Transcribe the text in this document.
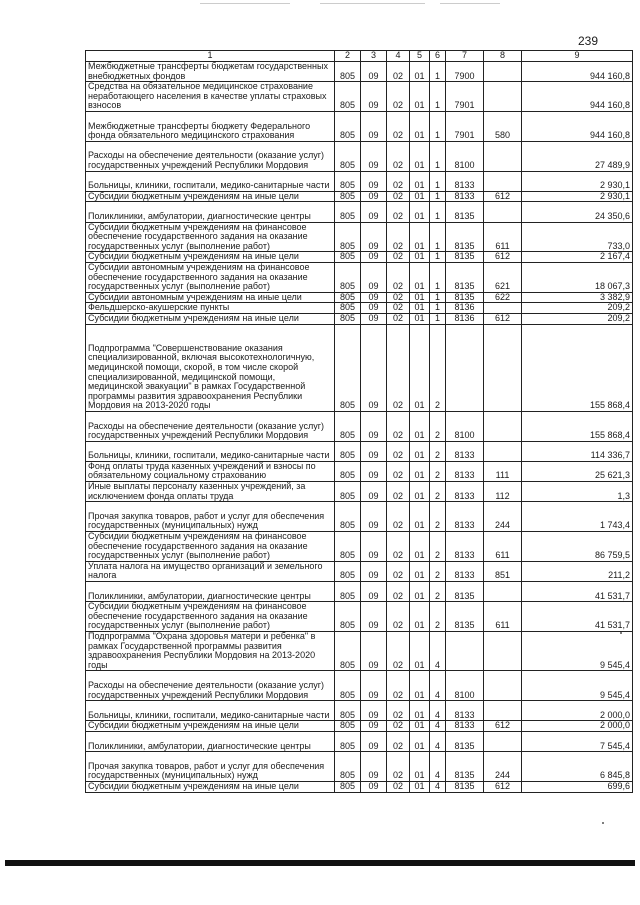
239
1	2	3	4	5	6	7	8	9
Межбюджетные трансферты бюджетам государственных внебюджетных фондов	805	09	02	01	1	7900		944 160,8
Средства на обязательное медицинское страхование неработающего населения в качестве уплаты страховых взносов	805	09	02	01	1	7901		944 160,8
Межбюджетные трансферты бюджету Федерального фонда обязательного медицинского страхования	805	09	02	01	1	7901	580	944 160,8
Расходы на обеспечение деятельности (оказание услуг) государственных учреждений Республики Мордовия	805	09	02	01	1	8100		27 489,9
Больницы, клиники, госпитали, медико-санитарные части	805	09	02	01	1	8133		2 930,1
Субсидии бюджетным учреждениям на иные цели	805	09	02	01	1	8133	612	2 930,1
Поликлиники, амбулатории, диагностические центры	805	09	02	01	1	8135		24 350,6
Субсидии бюджетным учреждениям на финансовое обеспечение государственного задания на оказание государственных услуг (выполнение работ)	805	09	02	01	1	8135	611	733,0
Субсидии бюджетным учреждениям на иные цели	805	09	02	01	1	8135	612	2 167,4
Субсидии автономным учреждениям на финансовое обеспечение государственного задания на оказание государственных услуг (выполнение работ)	805	09	02	01	1	8135	621	18 067,3
Субсидии автономным учреждениям на иные цели	805	09	02	01	1	8135	622	3 382,9
Фельдшерско-акушерские пункты	805	09	02	01	1	8136		209,2
Субсидии бюджетным учреждениям на иные цели	805	09	02	01	1	8136	612	209,2
Подпрограмма "Совершенствование оказания специализированной, включая высокотехнологичную, медицинской помощи, скорой, в том числе скорой специализированной, медицинской помощи, медицинской эвакуации" в рамках Государственной программы развития здравоохранения Республики Мордовия на 2013-2020 годы	805	09	02	01	2			155 868,4
Расходы на обеспечение деятельности (оказание услуг) государственных учреждений Республики Мордовия	805	09	02	01	2	8100		155 868,4
Больницы, клиники, госпитали, медико-санитарные части	805	09	02	01	2	8133		114 336,7
Фонд оплаты труда казенных учреждений и взносы по обязательному социальному страхованию	805	09	02	01	2	8133	111	25 621,3
Иные выплаты персоналу казенных учреждений, за исключением фонда оплаты труда	805	09	02	01	2	8133	112	1,3
Прочая закупка товаров, работ и услуг для обеспечения государственных (муниципальных) нужд	805	09	02	01	2	8133	244	1 743,4
Субсидии бюджетным учреждениям на финансовое обеспечение государственного задания на оказание государственных услуг (выполнение работ)	805	09	02	01	2	8133	611	86 759,5
Уплата налога на имущество организаций и земельного налога	805	09	02	01	2	8133	851	211,2
Поликлиники, амбулатории, диагностические центры	805	09	02	01	2	8135		41 531,7
Субсидии бюджетным учреждениям на финансовое обеспечение государственного задания на оказание государственных услуг (выполнение работ)	805	09	02	01	2	8135	611	41 531,7
Подпрограмма "Охрана здоровья матери и ребенка" в рамках Государственной программы развития здравоохранения Республики Мордовия на 2013-2020 годы	805	09	02	01	4			9 545,4
Расходы на обеспечение деятельности (оказание услуг) государственных учреждений Республики Мордовия	805	09	02	01	4	8100		9 545,4
Больницы, клиники, госпитали, медико-санитарные части	805	09	02	01	4	8133		2 000,0
Субсидии бюджетным учреждениям на иные цели	805	09	02	01	4	8133	612	2 000,0
Поликлиники, амбулатории, диагностические центры	805	09	02	01	4	8135		7 545,4
Прочая закупка товаров, работ и услуг для обеспечения государственных (муниципальных) нужд	805	09	02	01	4	8135	244	6 845,8
Субсидии бюджетным учреждениям на иные цели	805	09	02	01	4	8135	612	699,6
